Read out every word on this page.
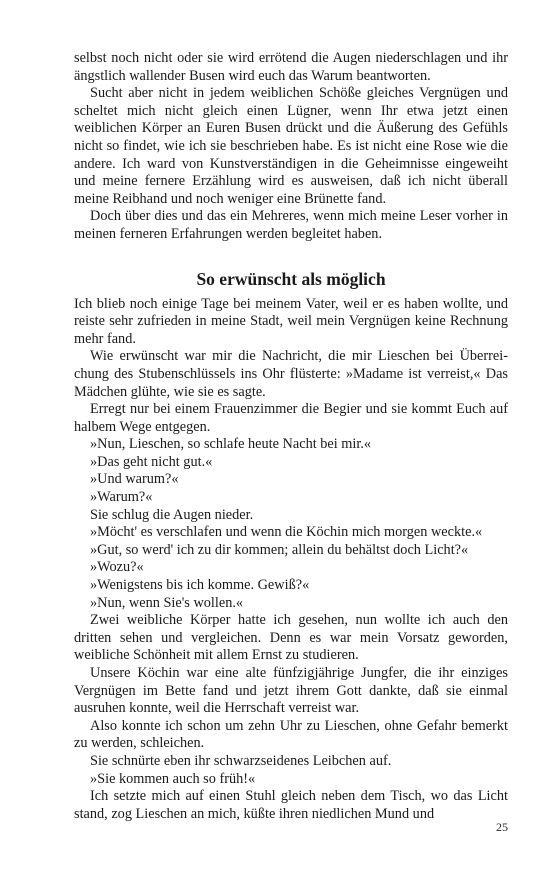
selbst noch nicht oder sie wird errötend die Augen niederschlagen und ihr ängstlich wallender Busen wird euch das Warum beantworten.

Sucht aber nicht in jedem weiblichen Schöße gleiches Vergnügen und scheltet mich nicht gleich einen Lügner, wenn Ihr etwa jetzt einen weiblichen Körper an Euren Busen drückt und die Äußerung des Gefühls nicht so findet, wie ich sie beschrieben habe. Es ist nicht eine Rose wie die andere. Ich ward von Kunstverständigen in die Geheimnisse eingeweiht und meine fernere Erzählung wird es ausweisen, daß ich nicht überall meine Reibhand und noch weniger eine Brünette fand.

Doch über dies und das ein Mehreres, wenn mich meine Leser vorher in meinen ferneren Erfahrungen werden begleitet haben.

So erwünscht als möglich

Ich blieb noch einige Tage bei meinem Vater, weil er es haben wollte, und reiste sehr zufrieden in meine Stadt, weil mein Vergnügen keine Rechnung mehr fand.

Wie erwünscht war mir die Nachricht, die mir Lieschen bei Überreichung des Stubenschlüssels ins Ohr flüsterte: »Madame ist verreist,« Das Mädchen glühte, wie sie es sagte.

Erregt nur bei einem Frauenzimmer die Begier und sie kommt Euch auf halbem Wege entgegen.

»Nun, Lieschen, so schlafe heute Nacht bei mir.«

»Das geht nicht gut.«

»Und warum?«

»Warum?«

Sie schlug die Augen nieder.

»Möcht' es verschlafen und wenn die Köchin mich morgen weckte.«

»Gut, so werd' ich zu dir kommen; allein du behältst doch Licht?«

»Wozu?«

»Wenigstens bis ich komme. Gewiß?«

»Nun, wenn Sie's wollen.«

Zwei weibliche Körper hatte ich gesehen, nun wollte ich auch den dritten sehen und vergleichen. Denn es war mein Vorsatz geworden, weibliche Schönheit mit allem Ernst zu studieren.

Unsere Köchin war eine alte fünfzigjährige Jungfer, die ihr einziges Vergnügen im Bette fand und jetzt ihrem Gott dankte, daß sie einmal ausruhen konnte, weil die Herrschaft verreist war.

Also konnte ich schon um zehn Uhr zu Lieschen, ohne Gefahr bemerkt zu werden, schleichen.

Sie schnürte eben ihr schwarzseidenes Leibchen auf.

»Sie kommen auch so früh!«

Ich setzte mich auf einen Stuhl gleich neben dem Tisch, wo das Licht stand, zog Lieschen an mich, küßte ihren niedlichen Mund und

25
